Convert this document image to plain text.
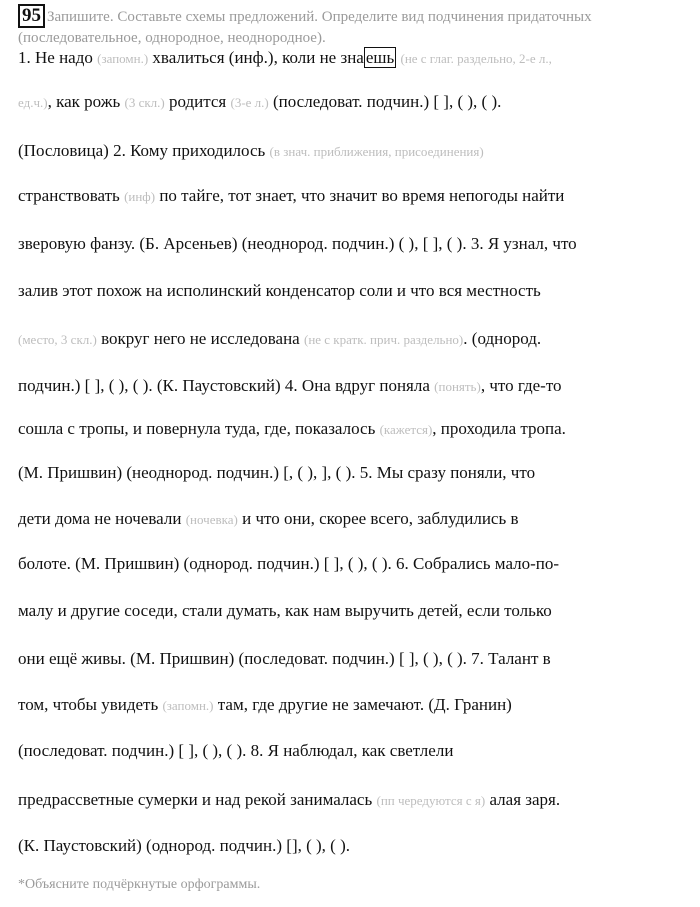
95 Запишите. Составьте схемы предложений. Определите вид подчинения придаточных (последовательное, однородное, неоднородное).
1. Не надо (запомн.) хвалиться (инф.), коли не зна ешь (не с глаг. раздельно, 2-е л.,
ед.ч.), как рожь (3 скл.) родится (3-е л.) (последоват. подчин.) [ ], ( ), ( ).
(Пословица) 2. Кому приходилось (в знач. приближения, присоединения)
странствовать (инф) по тайге, тот знает, что значит во время непогоды найти
зверовую фанзу. (Б. Арсеньев) (неоднород. подчин.) ( ), [ ], ( ). 3. Я узнал, что
залив этот похож на исполинский конденсатор соли и что вся местность
(место, 3 скл.) вокруг него не исследована (не с кратк. прич. раздельно). (однород.
подчин.) [ ], ( ), ( ). (К. Паустовский) 4. Она вдруг поняла (понять), что где-то
сошла с тропы, и повернула туда, где, показалось (кажется), проходила тропа.
(М. Пришвин) (неоднород. подчин.) [, ( ), ], ( ). 5. Мы сразу поняли, что
дети дома не ночевали (ночевка) и что они, скорее всего, заблудились в
болоте. (М. Пришвин) (однород. подчин.) [ ], ( ), ( ). 6. Собрались мало-по-
малу и другие соседи, стали думать, как нам выручить детей, если только
они ещё живы. (М. Пришвин) (последоват. подчин.) [ ], ( ), ( ). 7. Талант в
том, чтобы увидеть (запомн.) там, где другие не замечают. (Д. Гранин)
(последоват. подчин.) [ ], ( ), ( ). 8. Я наблюдал, как светлели
предрассветные сумерки и над рекой занималась (пп чередуются с я) алая заря.
(К. Паустовский) (однород. подчин.) [], ( ), ( ).
*Объясните подчёркнутые орфограммы.
